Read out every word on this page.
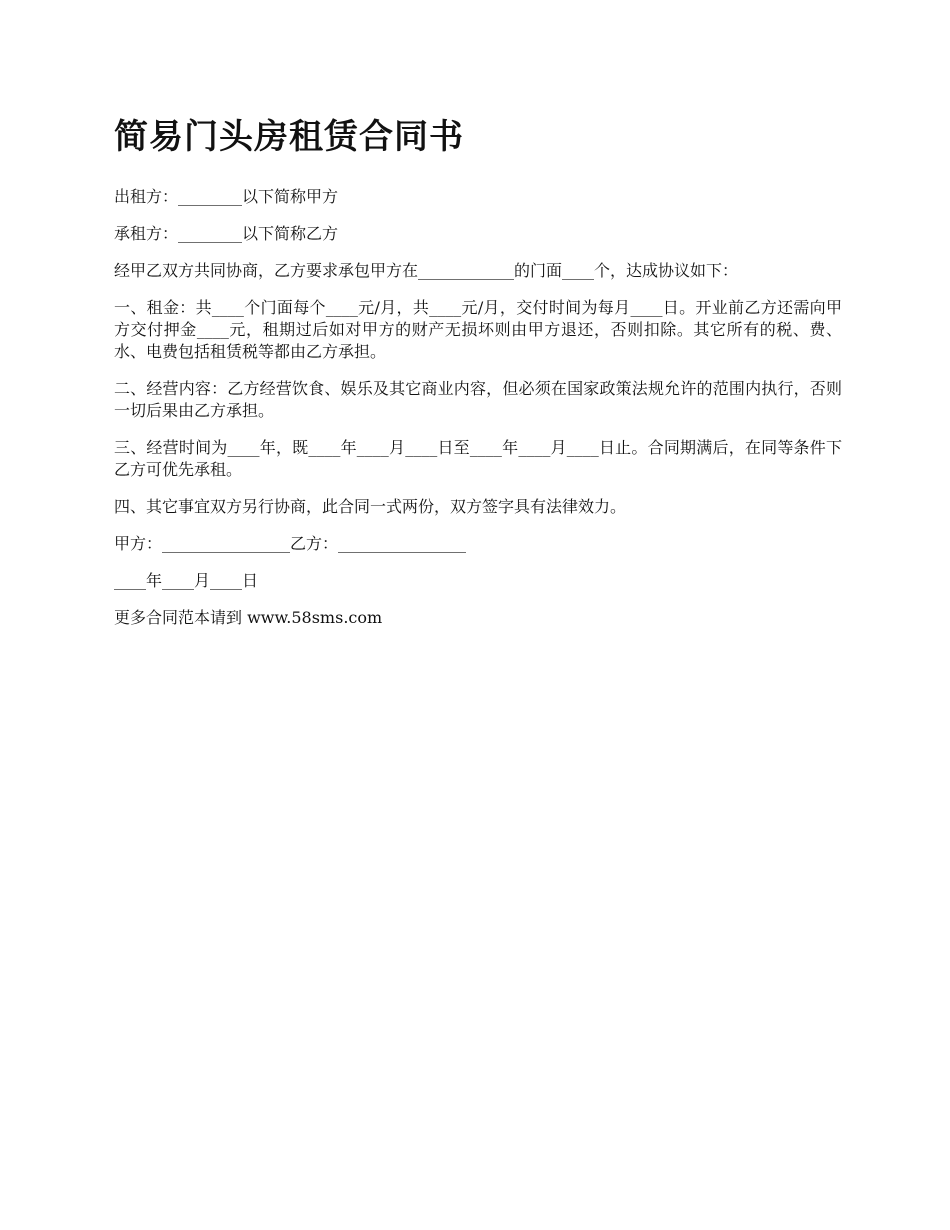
简易门头房租赁合同书

出租方：________以下简称甲方

承租方：________以下简称乙方

经甲乙双方共同协商，乙方要求承包甲方在____________的门面____个，达成协议如下：

一、租金：共____个门面每个____元/月，共____元/月，交付时间为每月____日。开业前乙方还需向甲方交付押金____元，租期过后如对甲方的财产无损坏则由甲方退还，否则扣除。其它所有的税、费、水、电费包括租赁税等都由乙方承担。

二、经营内容：乙方经营饮食、娱乐及其它商业内容，但必须在国家政策法规允许的范围内执行，否则一切后果由乙方承担。

三、经营时间为____年，既____年____月____日至____年____月____日止。合同期满后，在同等条件下乙方可优先承租。

四、其它事宜双方另行协商，此合同一式两份，双方签字具有法律效力。

甲方：________________乙方：________________

____年____月____日

更多合同范本请到 www.58sms.com
